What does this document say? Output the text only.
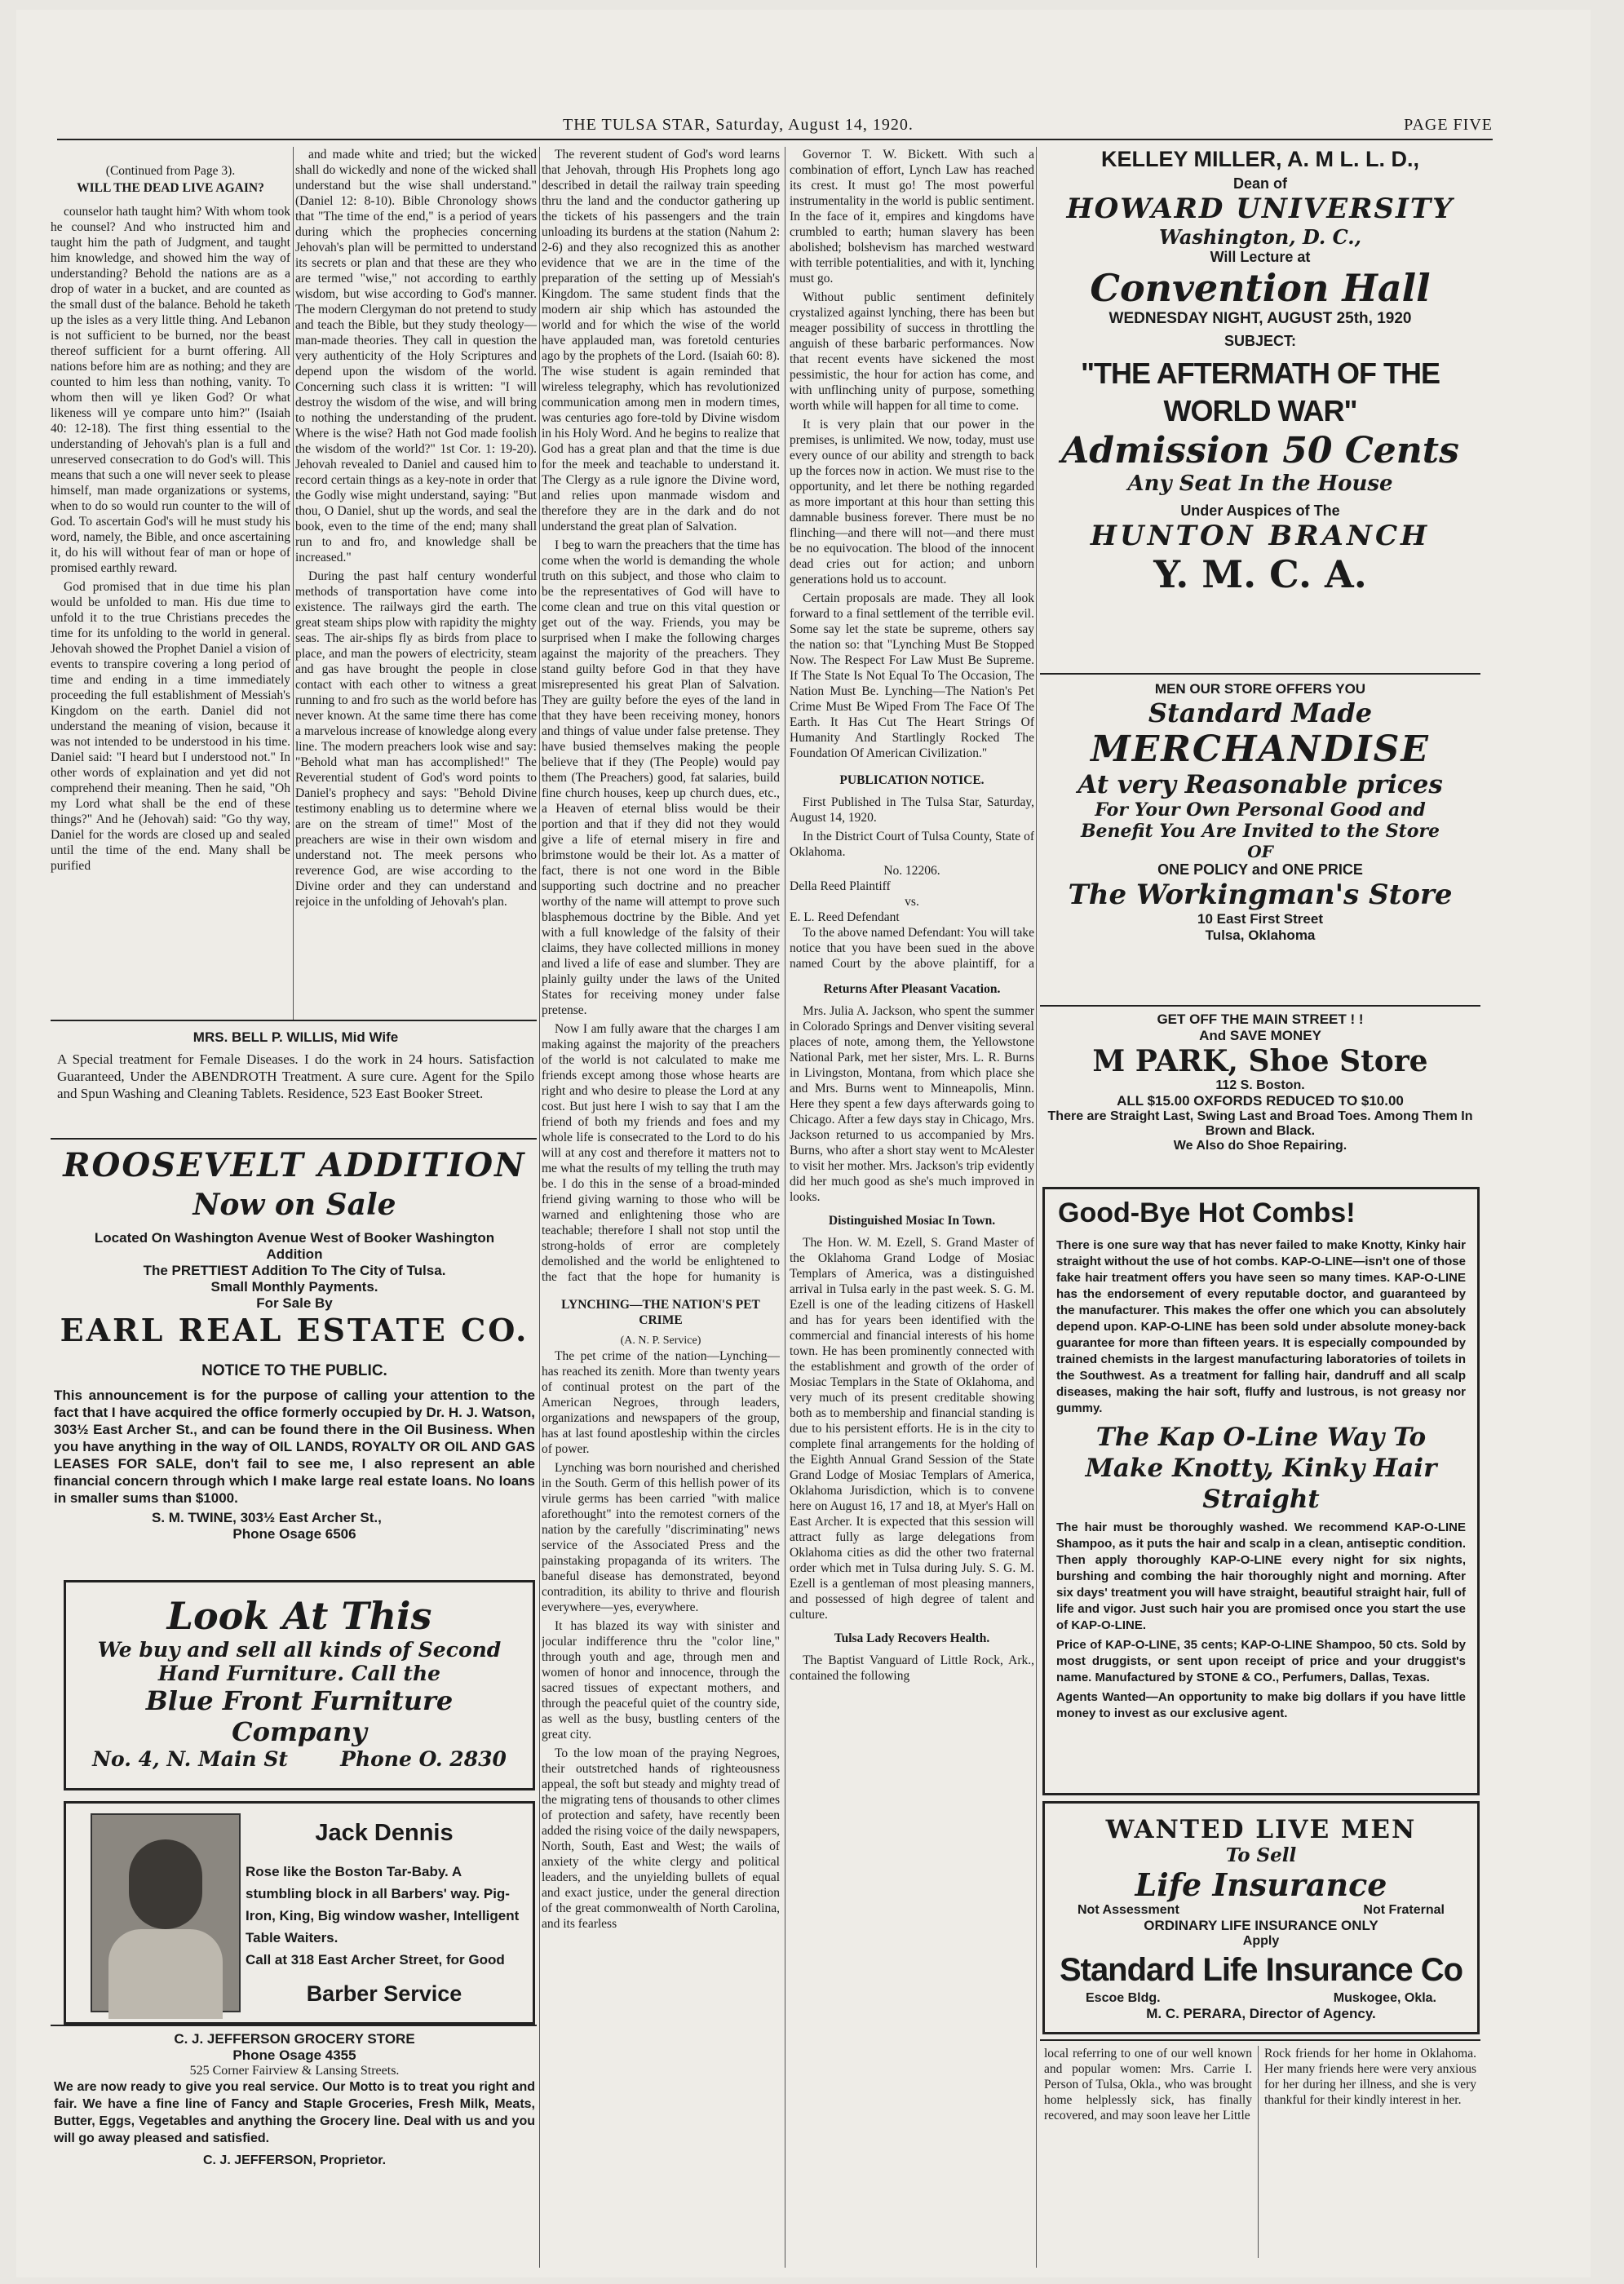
THE TULSA STAR, Saturday, August 14, 1920.	PAGE FIVE
(Continued from Page 3).
WILL THE DEAD LIVE AGAIN?

counselor hath taught him? With whom took he counsel? And who instructed him and taught him the path of Judgment, and taught him knowledge, and showed him the way of understanding? Behold the nations are as a drop of water in a bucket, and are counted as the small dust of the balance. Behold he taketh up the isles as a very little thing. And Lebanon is not sufficient to be burned, nor the beast thereof sufficient for a burnt offering. All nations before him are as nothing; and they are counted to him less than nothing, vanity. To whom then will ye liken God? Or what likeness will ye compare unto him?" (Isaiah 40: 12-18). The first thing essential to the understanding of Jehovah's plan is a full and unreserved consecration to do God's will. This means that such a one will never seek to please himself, man made organizations or systems, when to do so would run counter to the will of God. To ascertain God's will he must study his word, namely, the Bible, and once ascertaining it, do his will without fear of man or hope of promised earthly reward.

God promised that in due time his plan would be unfolded to man. His due time to unfold it to the true Christians precedes the time for its unfolding to the world in general. Jehovah showed the Prophet Daniel a vision of events to transpire covering a long period of time and ending in a time immediately proceeding the full establishment of Messiah's Kingdom on the earth. Daniel did not understand the meaning of vision, because it was not intended to be understood in his time. Daniel said: "I heard but I understood not." In other words of explaination and yet did not comprehend their meaning. Then he said, "Oh my Lord what shall be the end of these things?" And he (Jehovah) said: "Go thy way, Daniel for the words are closed up and sealed until the time of the end. Many shall be purified

and made white and tried; but the wicked shall do wickedly and none of the wicked shall understand but the wise shall understand." (Daniel 12: 8-10). Bible Chronology shows that "The time of the end," is a period of years during which the prophecies concerning Jehovah's plan will be permitted to understand its secrets or plan and that these are they who are termed "wise," not according to earthly wisdom, but wise according to God's manner. The modern Clergyman do not pretend to study and teach the Bible, but they study theology—man-made theories. They call in question the very authenticity of the Holy Scriptures and depend upon the wisdom of the world. Concerning such class it is written: "I will destroy the wisdom of the wise, and will bring to nothing the understanding of the prudent. Where is the wise? Hath not God made foolish the wisdom of the world?" 1st Cor. 1: 19-20). Jehovah revealed to Daniel and caused him to record certain things as a key-note in order that the Godly wise might understand, saying: "But thou, O Daniel, shut up the words, and seal the book, even to the time of the end; many shall run to and fro, and knowledge shall be increased."

During the past half century wonderful methods of transportation have come into existence. The railways gird the earth. The great steam ships plow with rapidity the mighty seas. The air-ships fly as birds from place to place, and man the powers of electricity, steam and gas have brought the people in close contact with each other to witness a great running to and fro such as the world before has never known. At the same time there has come a marvelous increase of knowledge along every line. The modern preachers look wise and say: "Behold what man has accomplished!" The Reverential student of God's word points to Daniel's prophecy and says: "Behold Divine testimony enabling us to determine where we are on the stream of time!" Most of the preachers are wise in their own wisdom and understand not. The meek persons who reverence God, are wise according to the Divine order and they can understand and rejoice in the unfolding of Jehovah's plan.

The reverent student of God's word learns that Jehovah, through His Prophets long ago described in detail the railway train speeding thru the land and the conductor gathering up the tickets of his passengers and the train unloading its burdens at the station (Nahum 2: 2-6) and they also recognized this as another evidence that we are in the time of the preparation of the setting up of Messiah's Kingdom. The same student finds that the modern air ship which has astounded the world and for which the wise of the world have applauded man, was foretold centuries ago by the prophets of the Lord. (Isaiah 60: 8). The wise student is again reminded that wireless telegraphy, which has revolutionized communication among men in modern times, was centuries ago fore-told by Divine wisdom in his Holy Word. And he begins to realize that God has a great plan and that the time is due for the meek and teachable to understand it. The Clergy as a rule ignore the Divine word, and relies upon manmade wisdom and therefore they are in the dark and do not understand the great plan of Salvation.

I beg to warn the preachers that the time has come when the world is demanding the whole truth on this subject, and those who claim to be the representatives of God will have to come clean and true on this vital question or get out of the way. Friends, you may be surprised when I make the following charges against the majority of the preachers. They stand guilty before God in that they have misrepresented his great Plan of Salvation. They are guilty before the eyes of the land in that they have been receiving money, honors and things of value under false pretense. They have busied themselves making the people believe that if they (The People) would pay them (The Preachers) good, fat salaries, build fine church houses, keep up church dues, etc., a Heaven of eternal bliss would be their portion and that if they did not they would give a life of eternal misery in fire and brimstone would be their lot. As a matter of fact, there is not one word in the Bible supporting such doctrine and no preacher worthy of the name will attempt to prove such blasphemous doctrine by the Bible. And yet with a full knowledge of the falsity of their claims, they have collected millions in money and lived a life of ease and slumber. They are plainly guilty under the laws of the United States for receiving money under false pretense.

Now I am fully aware that the charges I am making against the majority of the preachers of the world is not calculated to make me friends except among those whose hearts are right and who desire to please the Lord at any cost. But just here I wish to say that I am the friend of both my friends and foes and my whole life is consecrated to the Lord to do his will at any cost and therefore it matters not to me what the results of my telling the truth may be. I do this in the sense of a broad-minded friend giving warning to those who will be warned and enlightening those who are teachable; therefore I shall not stop until the strong-holds of error are completely demolished and the world be enlightened to the fact that the hope for humanity is

LYNCHING—THE NATION'S PET CRIME
(A. N. P. Service)

The pet crime of the nation—Lynching—has reached its zenith. More than twenty years of continual protest on the part of the American Negroes, through leaders, organizations and newspapers of the group, has at last found apostleship within the circles of power.

Lynching was born nourished and cherished in the South. Germ of this hellish power of its virule germs has been carried "with malice aforethought" into the remotest corners of the nation by the carefully "discriminating" news service of the Associated Press and the painstaking propaganda of its writers. The baneful disease has demonstrated, beyond contradition, its ability to thrive and flourish everywhere—yes, everywhere.

It has blazed its way with sinister and jocular indifference thru the "color line," through youth and age, through men and women of honor and innocence, through the sacred tissues of expectant mothers, and through the peaceful quiet of the country side, as well as the busy, bustling centers of the great city.

To the low moan of the praying Negroes, their outstretched hands of righteousness appeal, the soft but steady and mighty tread of the migrating tens of thousands to other climes of protection and safety, have recently been added the rising voice of the daily newspapers, North, South, East and West; the wails of anxiety of the white clergy and political leaders, and the unyielding bullets of equal and exact justice, under the general direction of the great commonwealth of North Carolina, and its fearless

Governor T. W. Bickett. With such a combination of effort, Lynch Law has reached its crest. It must go! The most powerful instrumentality in the world is public sentiment. In the face of it, empires and kingdoms have crumbled to earth; human slavery has been abolished; bolshevism has marched westward with terrible potentialities, and with it, lynching must go.

Without public sentiment definitely crystalized against lynching, there has been but meager possibility of success in throttling the anguish of these barbaric performances. Now that recent events have sickened the most pessimistic, the hour for action has come, and with unflinching unity of purpose, something worth while will happen for all time to come.

It is very plain that our power in the premises, is unlimited. We now, today, must use every ounce of our ability and strength to back up the forces now in action. We must rise to the opportunity, and let there be nothing regarded as more important at this hour than setting this damnable business forever. There must be no flinching—and there will not—and there must be no equivocation. The blood of the innocent dead cries out for action; and unborn generations hold us to account.

Certain proposals are made. They all look forward to a final settlement of the terrible evil. Some say let the state be supreme, others say the nation so: that "Lynching Must Be Stopped Now. The Respect For Law Must Be Supreme. If The State Is Not Equal To The Occasion, The Nation Must Be. Lynching—The Nation's Pet Crime Must Be Wiped From The Face Of The Earth. It Has Cut The Heart Strings Of Humanity And Startlingly Rocked The Foundation Of American Civilization."

PUBLICATION NOTICE.

First Published in The Tulsa Star, Saturday, August 14, 1920.

In the District Court of Tulsa County, State of Oklahoma.

No. 12206.
Della Reed Plaintiff
vs.
E. L. Reed Defendant

To the above named Defendant: You will take notice that you have been sued in the above named Court by the above plaintiff, for a

Returns After Pleasant Vacation.

Mrs. Julia A. Jackson, who spent the summer in Colorado Springs and Denver visiting several places of note, among them, the Yellowstone National Park, met her sister, Mrs. L. R. Burns in Livingston, Montana, from which place she and Mrs. Burns went to Minneapolis, Minn. Here they spent a few days afterwards going to Chicago. After a few days stay in Chicago, Mrs. Jackson returned to us accompanied by Mrs. Burns, who after a short stay went to McAlester to visit her mother. Mrs. Jackson's trip evidently did her much good as she's much improved in looks.

Distinguished Mosiac In Town.

The Hon. W. M. Ezell, S. Grand Master of the Oklahoma Grand Lodge of Mosiac Templars of America, was a distinguished arrival in Tulsa early in the past week. S. G. M. Ezell is one of the leading citizens of Haskell and has for years been identified with the commercial and financial interests of his home town. He has been prominently connected with the establishment and growth of the order of Mosiac Templars in the State of Oklahoma, and very much of its present creditable showing both as to membership and financial standing is due to his persistent efforts. He is in the city to complete final arrangements for the holding of the Eighth Annual Grand Session of the State Grand Lodge of Mosiac Templars of America, Oklahoma Jurisdiction, which is to convene here on August 16, 17 and 18, at Myer's Hall on East Archer. It is expected that this session will attract fully as large delegations from Oklahoma cities as did the other two fraternal order which met in Tulsa during July. S. G. M. Ezell is a gentleman of most pleasing manners, and possessed of high degree of talent and culture.

Tulsa Lady Recovers Health.

The Baptist Vanguard of Little Rock, Ark., contained the following

MRS. BELL P. WILLIS, Mid Wife
A Special treatment for Female Diseases. I do the work in 24 hours. Satisfaction Guaranteed, Under the ABENDROTH Treatment. A sure cure. Agent for the Spilo and Spun Washing and Cleaning Tablets. Residence, 523 East Booker Street.
ROOSEVELT ADDITION
Now on Sale
Located On Washington Avenue West of Booker Washington
Addition
The PRETTIEST Addition To The City of Tulsa.
Small Monthly Payments.
For Sale By
EARL REAL ESTATE CO.
NOTICE TO THE PUBLIC.
This announcement is for the purpose of calling your attention to the fact that I have acquired the office formerly occupied by Dr. H. J. Watson, 303½ East Archer St., and can be found there in the Oil Business. When you have anything in the way of OIL LANDS, ROYALTY OR OIL AND GAS LEASES FOR SALE, don't fail to see me, I also represent an able financial concern through which I make large real estate loans. No loans in smaller sums than $1000.
S. M. TWINE, 303½ East Archer St.,
Phone Osage 6506
Look At This
We buy and sell all kinds of Second
Hand Furniture. Call the
Blue Front Furniture
Company
No. 4, N. Main St	Phone O. 2830
Jack Dennis
Rose like the Boston Tar-Baby. A stumbling block in all Barbers' way. Pig-Iron, King, Big window washer, Intelligent Table Waiters.
Call at 318 East Archer Street, for Good
Barber Service
C. J. JEFFERSON GROCERY STORE
Phone Osage 4355
525 Corner Fairview & Lansing Streets.
We are now ready to give you real service. Our Motto is to treat you right and fair. We have a fine line of Fancy and Staple Groceries, Fresh Milk, Meats, Butter, Eggs, Vegetables and anything the Grocery line. Deal with us and you will go away pleased and satisfied.
C. J. JEFFERSON, Proprietor.
KELLEY MILLER, A. M L. L. D.,
Dean of
HOWARD UNIVERSITY
Washington, D. C.,
Will Lecture at
Convention Hall
WEDNESDAY NIGHT, AUGUST 25th, 1920
SUBJECT:
"THE AFTERMATH OF THE WORLD WAR"
Admission 50 Cents
Any Seat In the House
Under Auspices of The
HUNTON BRANCH
Y. M. C. A.
MEN OUR STORE OFFERS YOU
Standard Made
MERCHANDISE
At very Reasonable prices
For Your Own Personal Good and
Benefit You Are Invited to the Store
OF
ONE POLICY and ONE PRICE
The Workingman's Store
10 East First Street
Tulsa, Oklahoma
GET OFF THE MAIN STREET ! !
And SAVE MONEY
M PARK, Shoe Store
112 S. Boston.
ALL $15.00 OXFORDS REDUCED TO $10.00
There are Straight Last, Swing Last and Broad Toes. Among Them In Brown and Black.
We Also do Shoe Repairing.
Good-Bye Hot Combs!
There is one sure way that has never failed to make Knotty, Kinky hair straight without the use of hot combs. KAP-O-LINE—isn't one of those fake hair treatment offers you have seen so many times. KAP-O-LINE has the endorsement of every reputable doctor, and guaranteed by the manufacturer. This makes the offer one which you can absolutely depend upon. KAP-O-LINE has been sold under absolute money-back guarantee for more than fifteen years. It is especially compounded by trained chemists in the largest manufacturing laboratories of toilets in the Southwest. As a treatment for falling hair, dandruff and all scalp diseases, making the hair soft, fluffy and lustrous, is not greasy nor gummy.
The Kap O-Line Way To Make Knotty, Kinky Hair Straight
The hair must be thoroughly washed. We recommend KAP-O-LINE Shampoo, as it puts the hair and scalp in a clean, antiseptic condition. Then apply thoroughly KAP-O-LINE every night for six nights, burshing and combing the hair thoroughly night and morning. After six days' treatment you will have straight, beautiful straight hair, full of life and vigor. Just such hair you are promised once you start the use of KAP-O-LINE.
Price of KAP-O-LINE, 35 cents; KAP-O-LINE Shampoo, 50 cts. Sold by most druggists, or sent upon receipt of price and your druggist's name. Manufactured by STONE & CO., Perfumers, Dallas, Texas.
Agents Wanted—An opportunity to make big dollars if you have little money to invest as our exclusive agent.
WANTED LIVE MEN
To Sell
Life Insurance
Not Assessment	Not Fraternal
ORDINARY LIFE INSURANCE ONLY
Apply
Standard Life Insurance Co
Escoe Bldg.	Muskogee, Okla.
M. C. PERARA, Director of Agency.
local referring to one of our well known and popular women: Mrs. Carrie I. Person of Tulsa, Okla., who was brought home helplessly sick, has finally recovered, and may soon leave her Little
Rock friends for her home in Oklahoma. Her many friends here were very anxious for her during her illness, and she is very thankful for their kindly interest in her.
